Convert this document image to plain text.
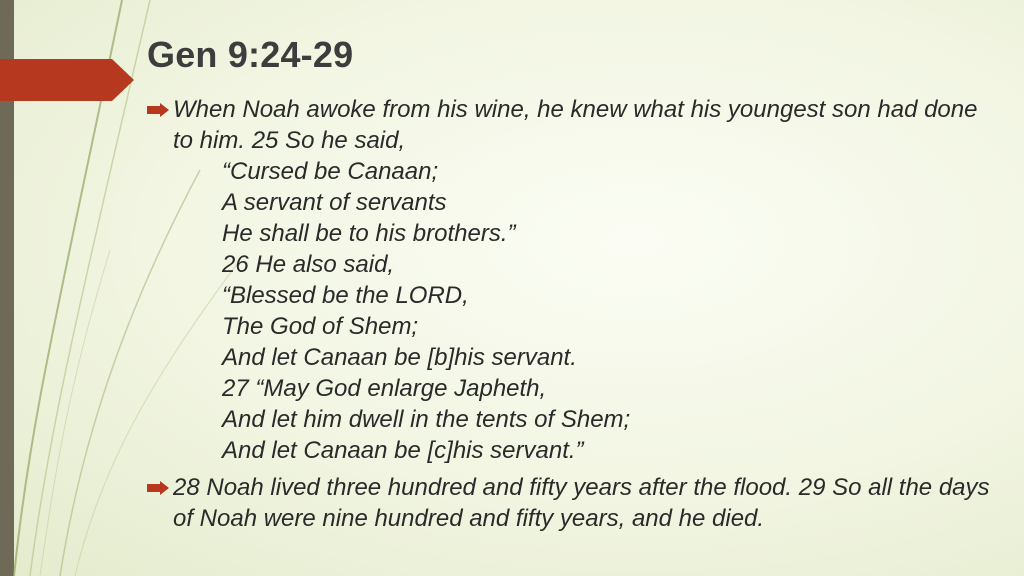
Gen 9:24-29
When Noah awoke from his wine, he knew what his youngest son had done to him. 25 So he said,
“Cursed be Canaan;
A servant of servants
He shall be to his brothers.”
26 He also said,
“Blessed be the LORD,
The God of Shem;
And let Canaan be [b]his servant.
27 “May God enlarge Japheth,
And let him dwell in the tents of Shem;
And let Canaan be [c]his servant.”
28 Noah lived three hundred and fifty years after the flood. 29 So all the days of Noah were nine hundred and fifty years, and he died.
